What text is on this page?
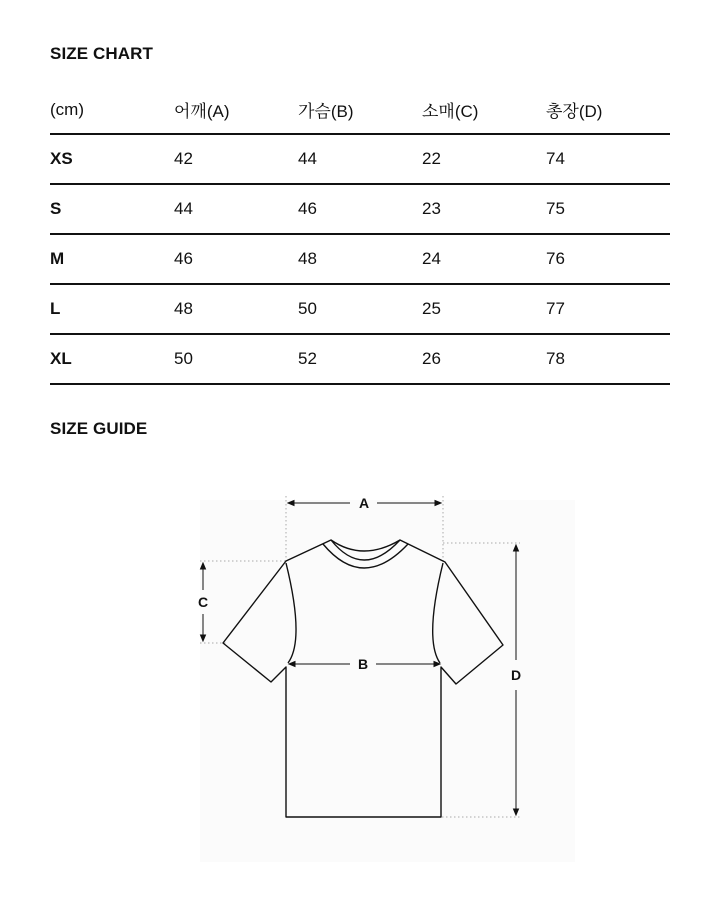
SIZE CHART
(cm)	어깨(A)	가슴(B)	소매(C)	총장(D)
XS	42	44	22	74
S	44	46	23	75
M	46	48	24	76
L	48	50	25	77
XL	50	52	26	78
SIZE GUIDE
A
B
C
D
